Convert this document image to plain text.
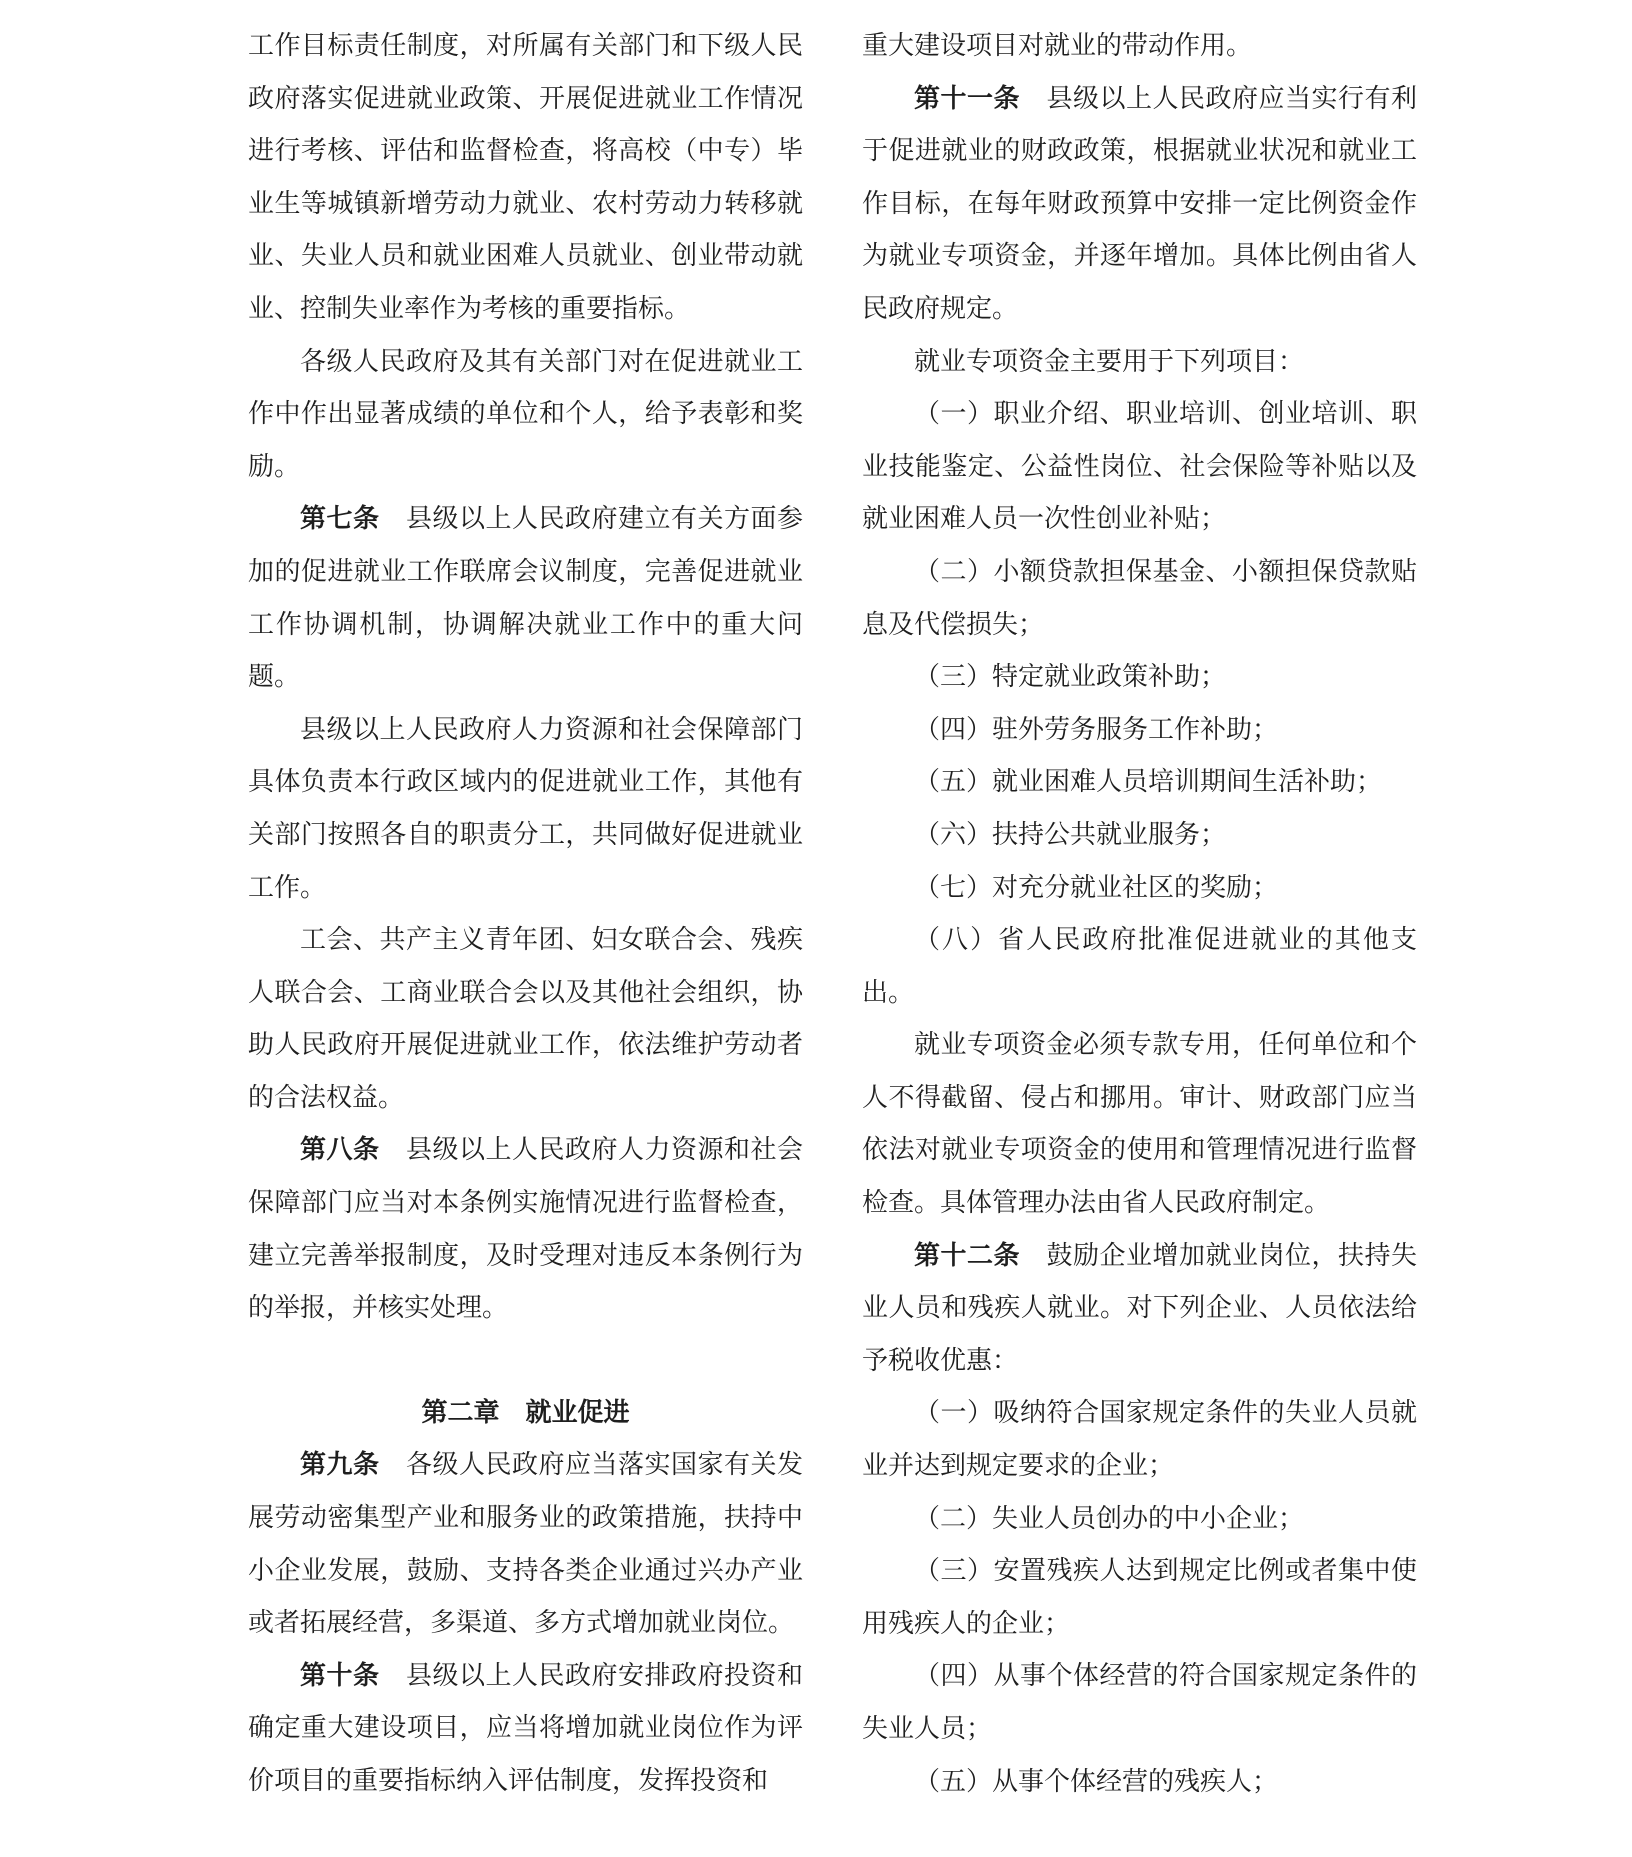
工作目标责任制度，对所属有关部门和下级人民政府落实促进就业政策、开展促进就业工作情况进行考核、评估和监督检查，将高校（中专）毕业生等城镇新增劳动力就业、农村劳动力转移就业、失业人员和就业困难人员就业、创业带动就业、控制失业率作为考核的重要指标。

各级人民政府及其有关部门对在促进就业工作中作出显著成绩的单位和个人，给予表彰和奖励。

第七条 县级以上人民政府建立有关方面参加的促进就业工作联席会议制度，完善促进就业工作协调机制，协调解决就业工作中的重大问题。

县级以上人民政府人力资源和社会保障部门具体负责本行政区域内的促进就业工作，其他有关部门按照各自的职责分工，共同做好促进就业工作。

工会、共产主义青年团、妇女联合会、残疾人联合会、工商业联合会以及其他社会组织，协助人民政府开展促进就业工作，依法维护劳动者的合法权益。

第八条 县级以上人民政府人力资源和社会保障部门应当对本条例实施情况进行监督检查，建立完善举报制度，及时受理对违反本条例行为的举报，并核实处理。

第二章 就业促进

第九条 各级人民政府应当落实国家有关发展劳动密集型产业和服务业的政策措施，扶持中小企业发展，鼓励、支持各类企业通过兴办产业或者拓展经营，多渠道、多方式增加就业岗位。

第十条 县级以上人民政府安排政府投资和确定重大建设项目，应当将增加就业岗位作为评价项目的重要指标纳入评估制度，发挥投资和

重大建设项目对就业的带动作用。

第十一条 县级以上人民政府应当实行有利于促进就业的财政政策，根据就业状况和就业工作目标，在每年财政预算中安排一定比例资金作为就业专项资金，并逐年增加。具体比例由省人民政府规定。

就业专项资金主要用于下列项目：

（一）职业介绍、职业培训、创业培训、职业技能鉴定、公益性岗位、社会保险等补贴以及就业困难人员一次性创业补贴；

（二）小额贷款担保基金、小额担保贷款贴息及代偿损失；

（三）特定就业政策补助；

（四）驻外劳务服务工作补助；

（五）就业困难人员培训期间生活补助；

（六）扶持公共就业服务；

（七）对充分就业社区的奖励；

（八）省人民政府批准促进就业的其他支出。

就业专项资金必须专款专用，任何单位和个人不得截留、侵占和挪用。审计、财政部门应当依法对就业专项资金的使用和管理情况进行监督检查。具体管理办法由省人民政府制定。

第十二条 鼓励企业增加就业岗位，扶持失业人员和残疾人就业。对下列企业、人员依法给予税收优惠：

（一）吸纳符合国家规定条件的失业人员就业并达到规定要求的企业；

（二）失业人员创办的中小企业；

（三）安置残疾人达到规定比例或者集中使用残疾人的企业；

（四）从事个体经营的符合国家规定条件的失业人员；

（五）从事个体经营的残疾人；
